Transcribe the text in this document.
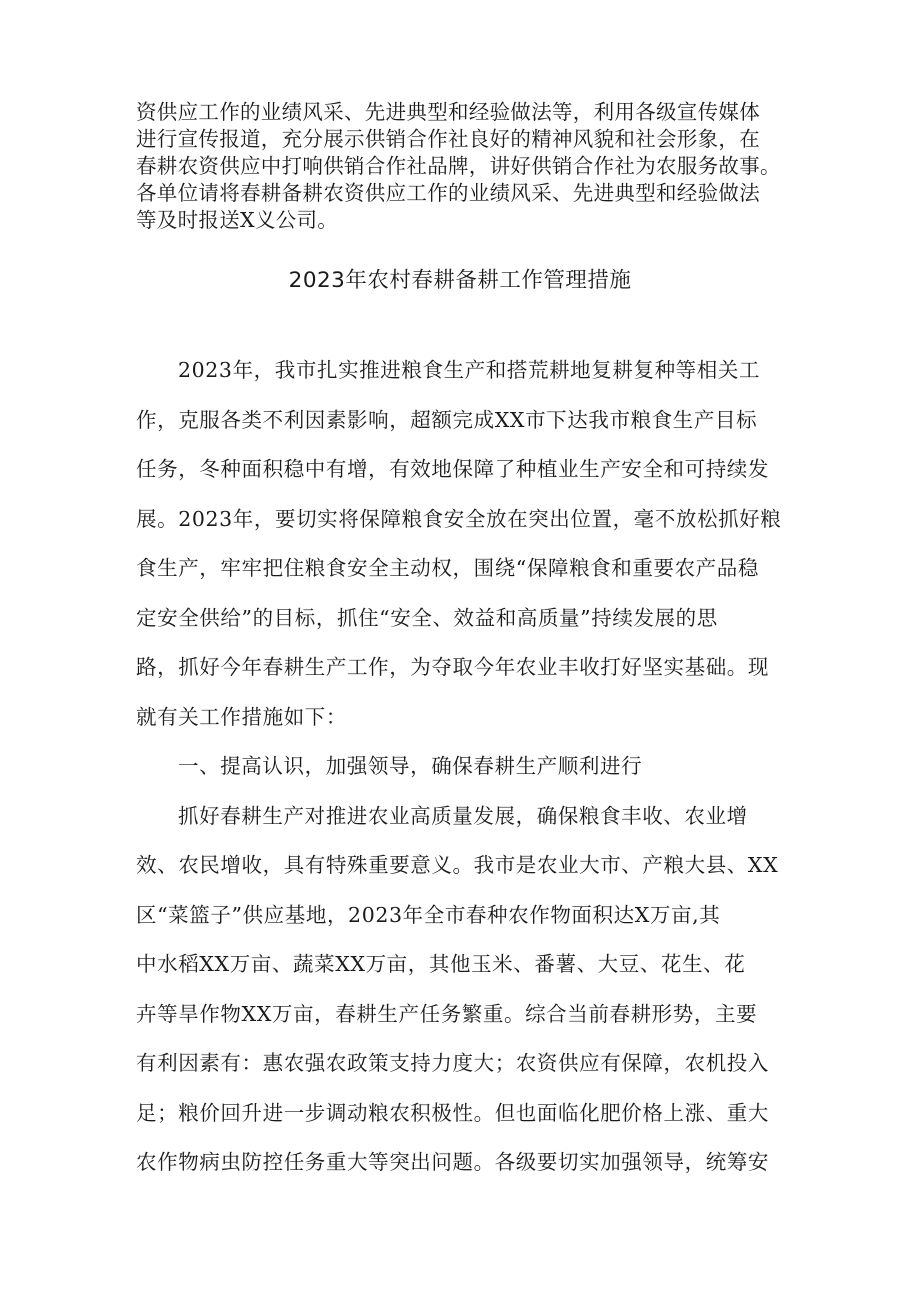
资供应工作的业绩风采、先进典型和经验做法等，利用各级宣传媒体
进行宣传报道，充分展示供销合作社良好的精神风貌和社会形象，在
春耕农资供应中打响供销合作社品牌，讲好供销合作社为农服务故事。
各单位请将春耕备耕农资供应工作的业绩风采、先进典型和经验做法
等及时报送X义公司。
2023年农村春耕备耕工作管理措施
2023年，我市扎实推进粮食生产和搭荒耕地复耕复种等相关工
作，克服各类不利因素影响，超额完成XX市下达我市粮食生产目标
任务，冬种面积稳中有增，有效地保障了种植业生产安全和可持续发
展。2023年，要切实将保障粮食安全放在突出位置，毫不放松抓好粮
食生产，牢牢把住粮食安全主动权，围绕“保障粮食和重要农产品稳
定安全供给”的目标，抓住“安全、效益和高质量”持续发展的思
路，抓好今年春耕生产工作，为夺取今年农业丰收打好坚实基础。现
就有关工作措施如下：
一、提高认识，加强领导，确保春耕生产顺利进行
抓好春耕生产对推进农业高质量发展，确保粮食丰收、农业增
效、农民增收，具有特殊重要意义。我市是农业大市、产粮大县、XX
区“菜篮子”供应基地，2023年全市春种农作物面积达X万亩,其
中水稻XX万亩、蔬菜XX万亩，其他玉米、番薯、大豆、花生、花
卉等旱作物XX万亩，春耕生产任务繁重。综合当前春耕形势，主要
有利因素有：惠农强农政策支持力度大；农资供应有保障，农机投入
足；粮价回升进一步调动粮农积极性。但也面临化肥价格上涨、重大
农作物病虫防控任务重大等突出问题。各级要切实加强领导，统筹安
